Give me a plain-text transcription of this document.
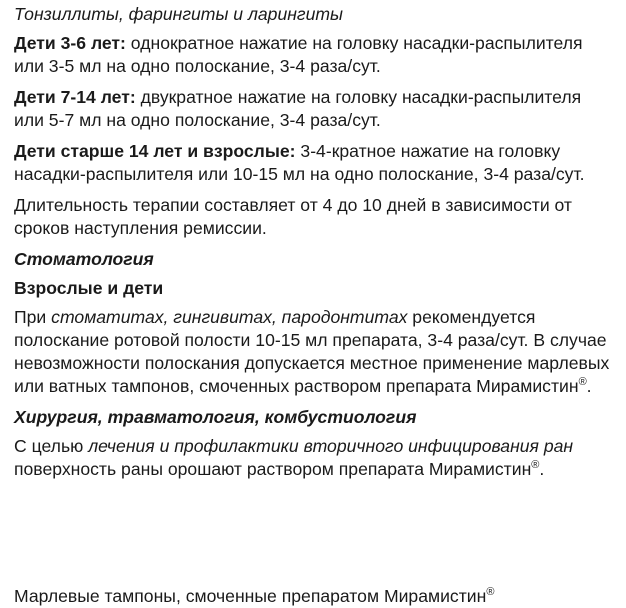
Тонзиллиты, фарингиты и ларингиты
Дети 3-6 лет: однократное нажатие на головку насадки-распылителя или 3-5 мл на одно полоскание, 3-4 раза/сут.
Дети 7-14 лет: двукратное нажатие на головку насадки-распылителя или 5-7 мл на одно полоскание, 3-4 раза/сут.
Дети старше 14 лет и взрослые: 3-4-кратное нажатие на головку насадки-распылителя или 10-15 мл на одно полоскание, 3-4 раза/сут.
Длительность терапии составляет от 4 до 10 дней в зависимости от сроков наступления ремиссии.
Стоматология
Взрослые и дети
При стоматитах, гингивитах, пародонтитах рекомендуется полоскание ротовой полости 10-15 мл препарата, 3-4 раза/сут. В случае невозможности полоскания допускается местное применение марлевых или ватных тампонов, смоченных раствором препарата Мирамистин®.
Хирургия, травматология, комбустиология
С целью лечения и профилактики вторичного инфицирования ран поверхность раны орошают раствором препарата Мирамистин®.
Марлевые тампоны, смоченные препаратом Мирамистин®
